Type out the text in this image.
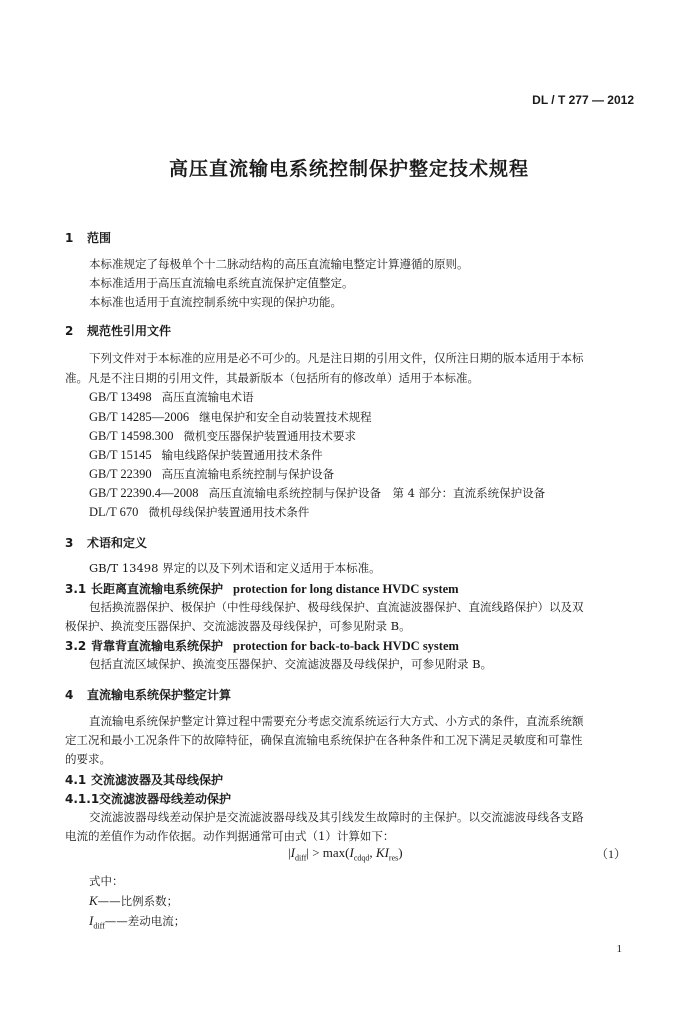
DL / T 277 — 2012
高压直流输电系统控制保护整定技术规程
1 范围
本标准规定了每极单个十二脉动结构的高压直流输电整定计算遵循的原则。
本标准适用于高压直流输电系统直流保护定值整定。
本标准也适用于直流控制系统中实现的保护功能。
2 规范性引用文件
下列文件对于本标准的应用是必不可少的。凡是注日期的引用文件，仅所注日期的版本适用于本标
准。凡是不注日期的引用文件，其最新版本（包括所有的修改单）适用于本标准。
GB/T 13498 高压直流输电术语
GB/T 14285—2006 继电保护和安全自动装置技术规程
GB/T 14598.300 微机变压器保护装置通用技术要求
GB/T 15145 输电线路保护装置通用技术条件
GB/T 22390 高压直流输电系统控制与保护设备
GB/T 22390.4—2008 高压直流输电系统控制与保护设备　第 4 部分：直流系统保护设备
DL/T 670 微机母线保护装置通用技术条件
3 术语和定义
GB/T 13498 界定的以及下列术语和定义适用于本标准。
3.1 长距离直流输电系统保护 protection for long distance HVDC system
包括换流器保护、极保护（中性母线保护、极母线保护、直流滤波器保护、直流线路保护）以及双
极保护、换流变压器保护、交流滤波器及母线保护，可参见附录 B。
3.2 背靠背直流输电系统保护 protection for back-to-back HVDC system
包括直流区域保护、换流变压器保护、交流滤波器及母线保护，可参见附录 B。
4 直流输电系统保护整定计算
直流输电系统保护整定计算过程中需要充分考虑交流系统运行大方式、小方式的条件，直流系统额
定工况和最小工况条件下的故障特征，确保直流输电系统保护在各种条件和工况下满足灵敏度和可靠性
的要求。
4.1 交流滤波器及其母线保护
4.1.1交流滤波器母线差动保护
交流滤波器母线差动保护是交流滤波器母线及其引线发生故障时的主保护。以交流滤波母线各支路
电流的差值作为动作依据。动作判据通常可由式（1）计算如下：
$|I_{diff}| > \max(I_{cdqd}$, $KI_{res}$)	（1）
式中：
K——比例系数；
$I_{diff}——$差动电流；
1
